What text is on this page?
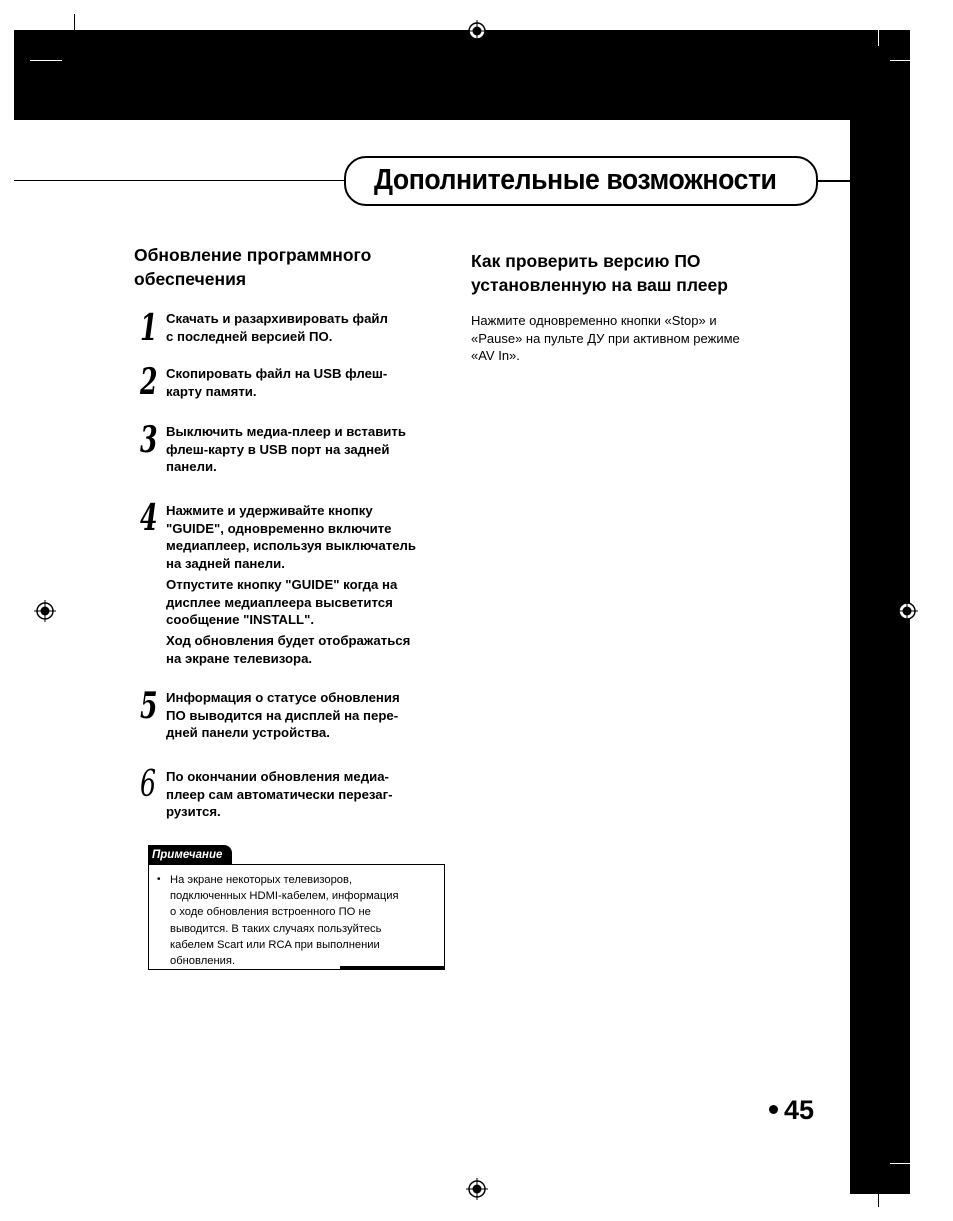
Дополнительные возможности
Обновление программного
обеспечения
1 Скачать и разархивировать файл
с последней версией ПО.
2 Скопировать файл на USB флеш-
карту памяти.
3 Выключить медиа-плеер и вставить
флеш-карту в USB порт на задней
панели.
4 Нажмите и удерживайте кнопку
"GUIDE", одновременно включите
медиаплеер, используя выключатель
на задней панели.
Отпустите кнопку "GUIDE" когда на
дисплее медиаплеера высветится
сообщение "INSTALL".
Ход обновления будет отображаться
на экране телевизора.
5 Информация о статусе обновления
ПО выводится на дисплей на пере-
дней панели устройства.
6 По окончании обновления медиа-
плеер сам автоматически перезаг-
рузится.
Примечание
• На экране некоторых телевизоров,
подключенных HDMI-кабелем, информация
о ходе обновления встроенного ПО не
выводится. В таких случаях пользуйтесь
кабелем Scart или RCA при выполнении
обновления.
Как проверить версию ПО
установленную на ваш плеер
Нажмите одновременно кнопки «Stop» и
«Pause» на пульте ДУ при активном режиме
«AV In».
45
